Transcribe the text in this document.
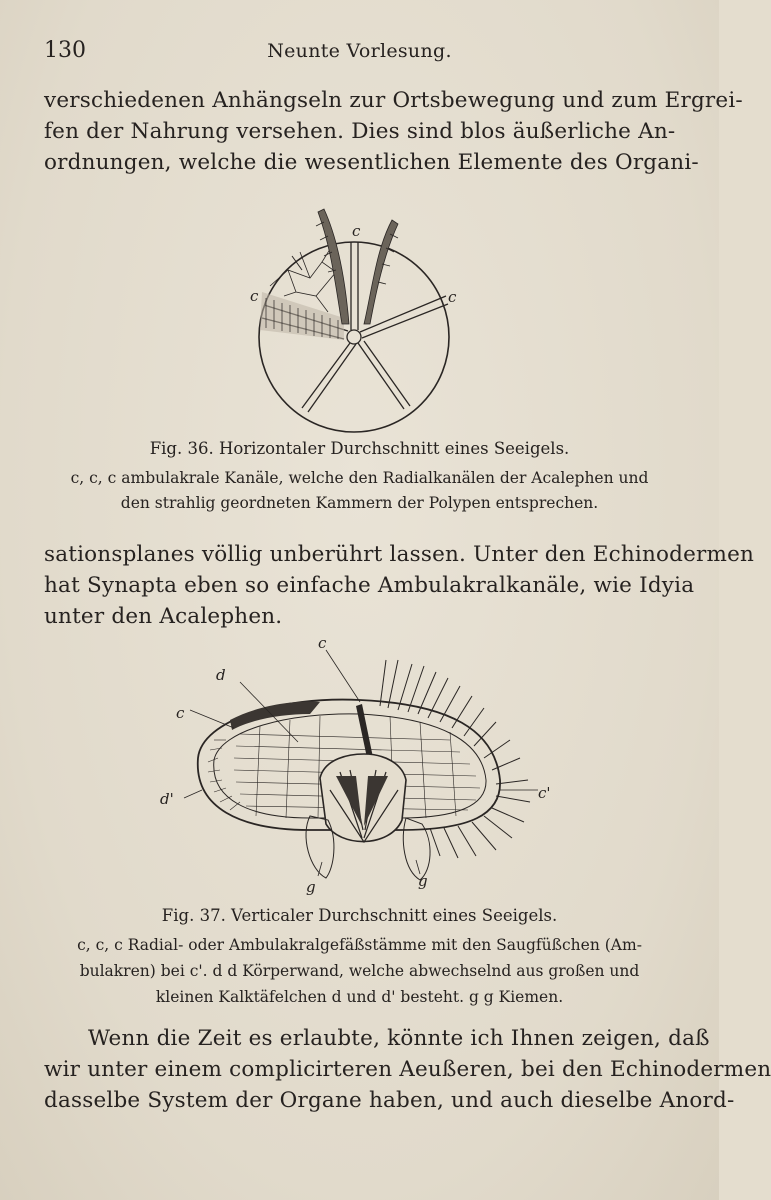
130	Neunte Vorlesung.
verschiedenen Anhängseln zur Ortsbewegung und zum Ergrei-
fen der Nahrung versehen. Dies sind blos äußerliche An-
ordnungen, welche die wesentlichen Elemente des Organi-
c
c	c
Fig. 36. Horizontaler Durchschnitt eines Seeigels.
c, c, c ambulakrale Kanäle, welche den Radialkanälen der Acalephen und
den strahlig geordneten Kammern der Polypen entsprechen.
sationsplanes völlig unberührt lassen. Unter den Echinodermen
hat Synapta eben so einfache Ambulakralkanäle, wie Idyia
unter den Acalephen.
d
c
c
d'	c'
g	g
Fig. 37. Verticaler Durchschnitt eines Seeigels.
c, c, c Radial- oder Ambulakralgefäßstämme mit den Saugfüßchen (Am-
bulakren) bei c'. d d Körperwand, welche abwechselnd aus großen und
kleinen Kalktäfelchen d und d' besteht. g g Kiemen.
Wenn die Zeit es erlaubte, könnte ich Ihnen zeigen, daß
wir unter einem complicirteren Aeußeren, bei den Echinodermen
dasselbe System der Organe haben, und auch dieselbe Anord-
